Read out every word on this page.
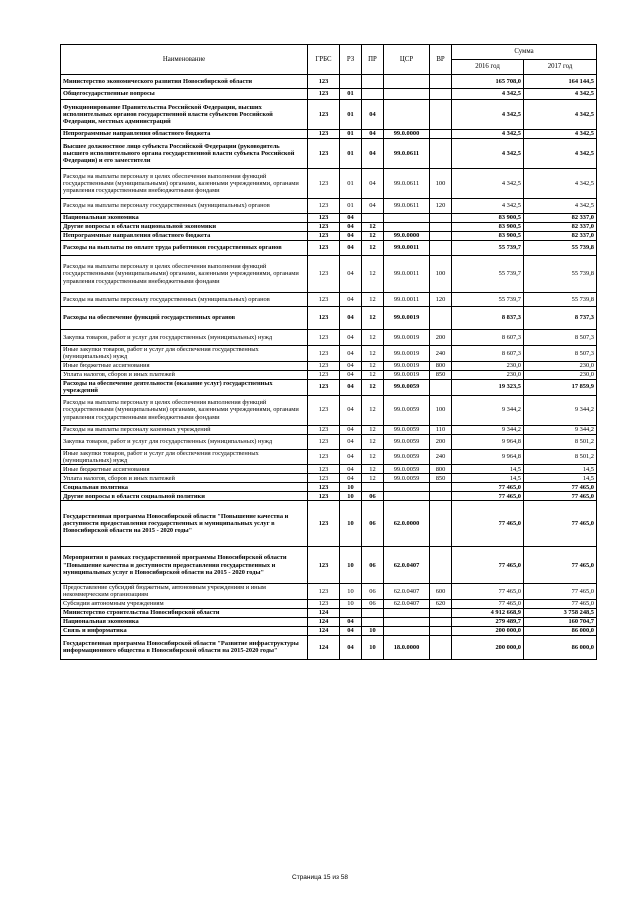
Наименование	ГРБС	РЗ	ПР	ЦСР	ВР	Сумма	
						2016 год	2017 год
Министерство экономического развития Новосибирской области	123					165 708,0	164 144,5
Общегосударственные вопросы	123	01				4 342,5	4 342,5
Функционирование Правительства Российской Федерации, высших исполнительных органов государственной власти субъектов Российской Федерации, местных администраций	123	01	04			4 342,5	4 342,5
Непрограммные направления областного бюджета	123	01	04	99.0.0000		4 342,5	4 342,5
Высшее должностное лицо субъекта Российской Федерации (руководитель высшего исполнительного органа государственной власти субъекта Российской Федерации) и его заместители	123	01	04	99.0.0611		4 342,5	4 342,5
Расходы на выплаты персоналу в целях обеспечения выполнения функций государственными (муниципальными) органами, казенными учреждениями, органами управления государственными внебюджетными фондами	123	01	04	99.0.0611	100	4 342,5	4 342,5
Расходы на выплаты персоналу государственных (муниципальных) органов	123	01	04	99.0.0611	120	4 342,5	4 342,5
Национальная экономика	123	04				83 900,5	82 337,0
Другие вопросы в области национальной экономики	123	04	12			83 900,5	82 337,0
Непрограммные направления областного бюджета	123	04	12	99.0.0000		83 900,5	82 337,0
Расходы на выплаты по оплате труда работников государственных органов	123	04	12	99.0.0011		55 739,7	55 739,8
Расходы на выплаты персоналу в целях обеспечения выполнения функций государственными (муниципальными) органами, казенными учреждениями, органами управления государственными внебюджетными фондами	123	04	12	99.0.0011	100	55 739,7	55 739,8
Расходы на выплаты персоналу государственных (муниципальных) органов	123	04	12	99.0.0011	120	55 739,7	55 739,8
Расходы на обеспечение функций государственных органов	123	04	12	99.0.0019		8 837,3	8 737,3
Закупка товаров, работ и услуг для государственных (муниципальных) нужд	123	04	12	99.0.0019	200	8 607,3	8 507,3
Иные закупки товаров, работ и услуг для обеспечения государственных (муниципальных) нужд	123	04	12	99.0.0019	240	8 607,3	8 507,3
Иные бюджетные ассигнования	123	04	12	99.0.0019	800	230,0	230,0
Уплата налогов, сборов и иных платежей	123	04	12	99.0.0019	850	230,0	230,0
Расходы на обеспечение деятельности (оказание услуг) государственных учреждений	123	04	12	99.0.0059		19 323,5	17 859,9
Расходы на выплаты персоналу в целях обеспечения выполнения функций государственными (муниципальными) органами, казенными учреждениями, органами управления государственными внебюджетными фондами	123	04	12	99.0.0059	100	9 344,2	9 344,2
Расходы на выплаты персоналу казенных учреждений	123	04	12	99.0.0059	110	9 344,2	9 344,2
Закупка товаров, работ и услуг для государственных (муниципальных) нужд	123	04	12	99.0.0059	200	9 964,8	8 501,2
Иные закупки товаров, работ и услуг для обеспечения государственных (муниципальных) нужд	123	04	12	99.0.0059	240	9 964,8	8 501,2
Иные бюджетные ассигнования	123	04	12	99.0.0059	800	14,5	14,5
Уплата налогов, сборов и иных платежей	123	04	12	99.0.0059	850	14,5	14,5
Социальная политика	123	10				77 465,0	77 465,0
Другие вопросы в области социальной политики	123	10	06			77 465,0	77 465,0
Государственная программа Новосибирской области "Повышение качества и доступности предоставления государственных и муниципальных услуг в Новосибирской области на 2015 - 2020 годы"	123	10	06	62.0.0000		77 465,0	77 465,0
Мероприятия в рамках государственной программы Новосибирской области "Повышение качества и доступности предоставления государственных и муниципальных услуг в Новосибирской области на 2015 - 2020 годы"	123	10	06	62.0.0407		77 465,0	77 465,0
Предоставление субсидий бюджетным, автономным учреждениям и иным некоммерческим организациям	123	10	06	62.0.0407	600	77 465,0	77 465,0
Субсидии автономным учреждениям	123	10	06	62.0.0407	620	77 465,0	77 465,0
Министерство строительства Новосибирской области	124					4 912 668,9	3 758 248,5
Национальная экономика	124	04				279 489,7	160 704,7
Связь и информатика	124	04	10			200 000,0	86 000,0
Государственная программа Новосибирской области "Развитие инфраструктуры информационного общества в Новосибирской области на 2015-2020 годы"	124	04	10	18.0.0000		200 000,0	86 000,0
Страница 15 из 58
